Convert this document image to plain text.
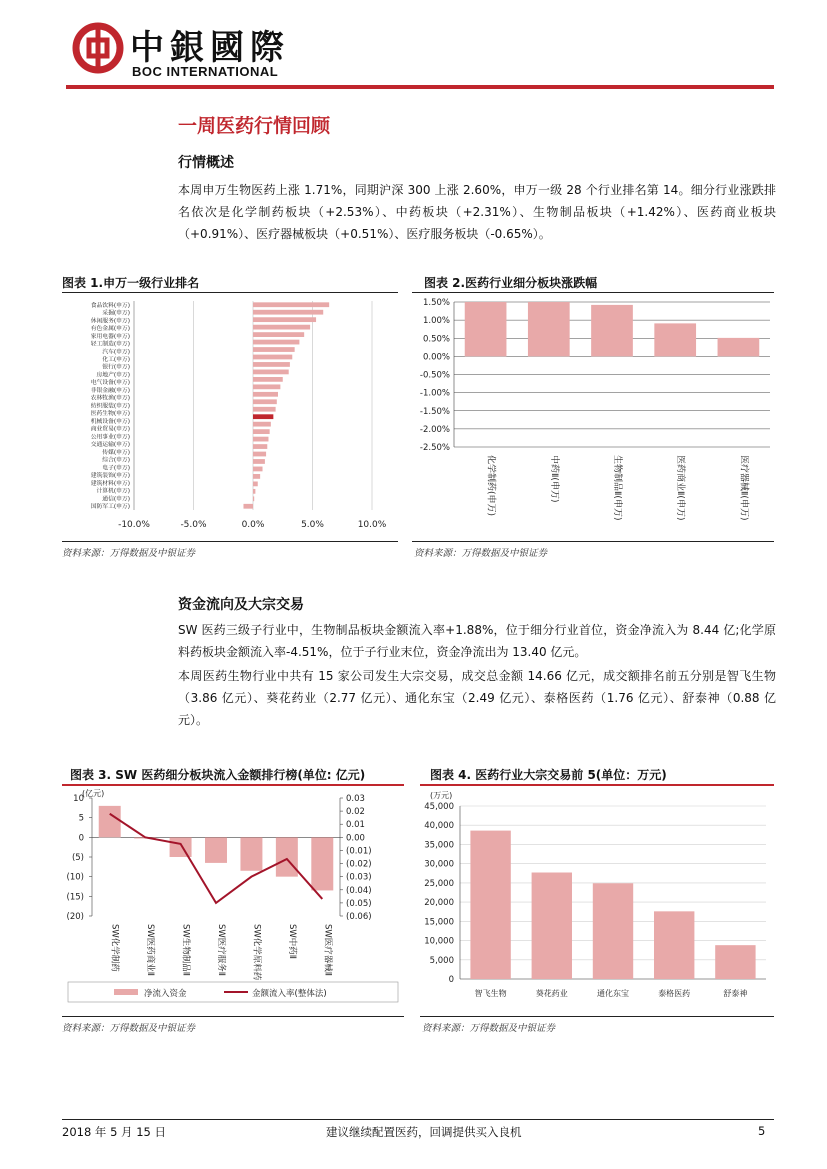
中銀國際
BOC INTERNATIONAL
一周医药行情回顾
行情概述
本周申万生物医药上涨 1.71%，同期沪深 300 上涨 2.60%，申万一级 28 个行业排名第 14。细分行业涨跌排名依次是化学制药板块（+2.53%）、中药板块（+2.31%）、生物制品板块（+1.42%）、医药商业板块（+0.91%）、医疗器械板块（+0.51%）、医疗服务板块（-0.65%）。
图表 1.申万一级行业排名
-10.0%	-5.0%	0.0%	5.0%	10.0%
食品饮料(申万)
采掘(申万)
休闲服务(申万)
有色金属(申万)
家用电器(申万)
轻工制造(申万)
汽车(申万)
化工(申万)
银行(申万)
房地产(申万)
电气设备(申万)
非银金融(申万)
农林牧渔(申万)
纺织服装(申万)
医药生物(申万)
机械设备(申万)
商业贸易(申万)
公用事业(申万)
交通运输(申万)
传媒(申万)
综合(申万)
电子(申万)
建筑装饰(申万)
建筑材料(申万)
计算机(申万)
通信(申万)
国防军工(申万)
资料来源：万得数据及中银证券
图表 2.医药行业细分板块涨跌幅
1.50%
1.00%
0.50%
0.00%
-0.50%
-1.00%
-1.50%
-2.00%
-2.50%
化学制药(申万)	中药Ⅱ(申万)	生物制品Ⅱ(申万)	医药商业Ⅱ(申万)	医疗器械Ⅱ(申万)
资料来源：万得数据及中银证券
资金流向及大宗交易
SW 医药三级子行业中，生物制品板块金额流入率+1.88%，位于细分行业首位，资金净流入为 8.44 亿;化学原料药板块金额流入率-4.51%，位于子行业末位，资金净流出为 13.40 亿元。
本周医药生物行业中共有 15 家公司发生大宗交易，成交总金额 14.66 亿元，成交额排名前五分别是智飞生物（3.86 亿元）、葵花药业（2.77 亿元）、通化东宝（2.49 亿元）、泰格医药（1.76 亿元）、舒泰神（0.88 亿元）。
图表 3. SW 医药细分板块流入金额排行榜(单位: 亿元)
(亿元)
10
5
0
(5)
(10)
(15)
(20)
0.03
0.02
0.01
0.00
(0.01)
(0.02)
(0.03)
(0.04)
(0.05)
(0.06)
SW化学制药	SW医药商业Ⅱ	SW生物制品Ⅱ	SW医疗服务Ⅱ	SW化学原料药	SW中药Ⅱ	SW医疗器械Ⅱ
净流入资金	金额流入率(整体法)
资料来源：万得数据及中银证券
图表 4. 医药行业大宗交易前 5(单位：万元)
(万元)
45,000
40,000
35,000
30,000
25,000
20,000
15,000
10,000
5,000
0
智飞生物	葵花药业	通化东宝	泰格医药	舒泰神
资料来源：万得数据及中银证券
2018 年 5 月 15 日	建议继续配置医药，回调提供买入良机	5
